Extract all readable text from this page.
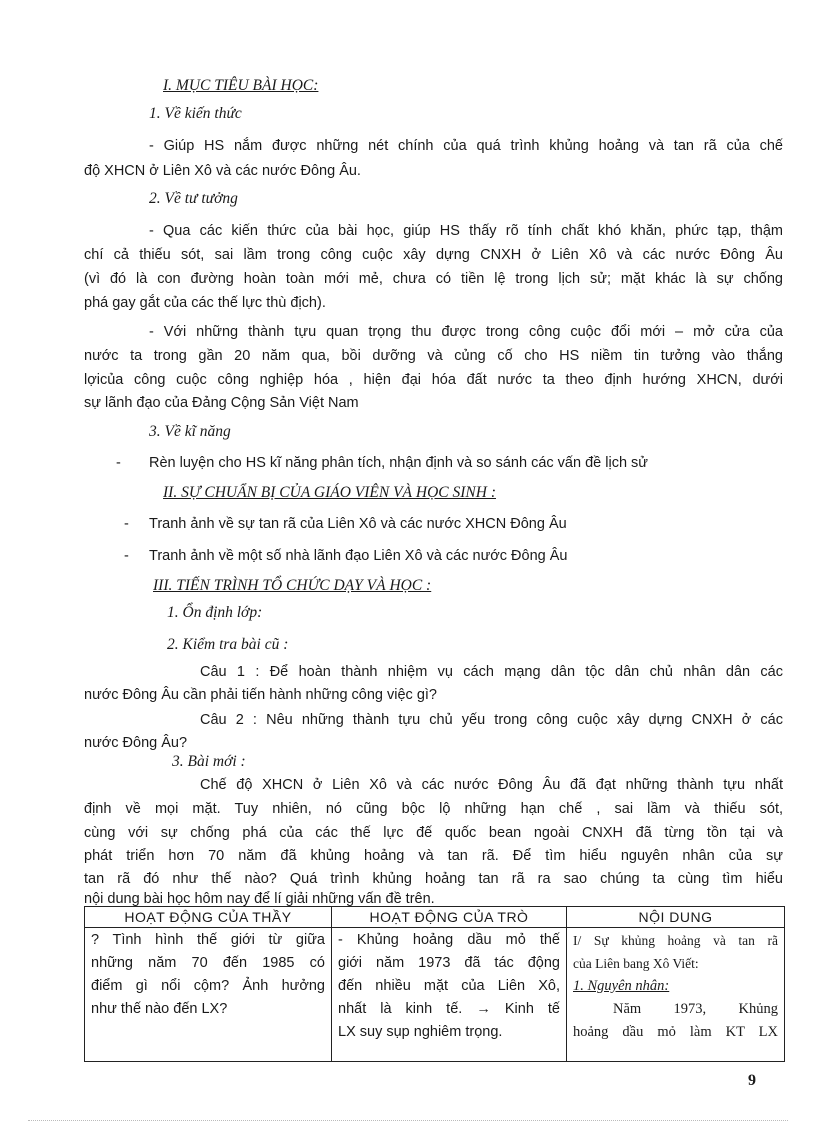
I. MỤC TIÊU BÀI HỌC:
1. Về kiến thức
- Giúp HS nắm được những nét chính của quá trình khủng hoảng và tan rã của chế
độ XHCN ở Liên Xô và các nước Đông Âu.
2. Về tư tưởng
- Qua các kiến thức của bài học, giúp HS thấy rõ tính chất khó khăn, phức tạp, thậm
chí cả thiếu sót, sai lầm trong công cuộc xây dựng CNXH ở Liên Xô và các nước Đông Âu
(vì đó là con đường hoàn toàn mới mẻ, chưa có tiền lệ trong lịch sử; mặt khác là sự chống
phá gay gắt của các thế lực thù địch).
- Với những thành tựu quan trọng thu được trong công cuộc đổi mới – mở cửa của
nước ta trong gần 20 năm qua, bồi dưỡng và củng cố cho HS niềm tin tưởng vào thắng
lợicủa công cuộc công nghiệp hóa , hiện đại hóa đất nước ta theo định hướng XHCN, dưới
sự lãnh đạo của Đảng Cộng Sản Việt Nam
3. Về kĩ năng
- Rèn luyện cho HS kĩ năng phân tích, nhận định và so sánh các vấn đề lịch sử
II. SỰ CHUẨN BỊ CỦA GIÁO VIÊN VÀ HỌC SINH :
- Tranh ảnh về sự tan rã của Liên Xô và các nước XHCN Đông Âu
- Tranh ảnh về một số nhà lãnh đạo Liên Xô và các nước Đông Âu
III. TIẾN TRÌNH TỔ CHỨC DẠY VÀ HỌC :
1. Ổn định lớp:
2. Kiểm tra bài cũ :
Câu 1 : Để hoàn thành nhiệm vụ cách mạng dân tộc dân chủ nhân dân các
nước Đông Âu cần phải tiến hành những công việc gì?
Câu 2 : Nêu những thành tựu chủ yếu trong công cuộc xây dựng CNXH ở các
nước Đông Âu?
3. Bài mới :
Chế độ XHCN ở Liên Xô và các nước Đông Âu đã đạt những thành tựu nhất
định về mọi mặt. Tuy nhiên, nó cũng bộc lộ những hạn chế , sai lầm và thiếu sót,
cùng với sự chống phá của các thế lực đế quốc bean ngoài CNXH đã từng tồn tại và
phát triển hơn 70 năm đã khủng hoảng và tan rã. Để tìm hiểu nguyên nhân của sự
tan rã đó như thế nào? Quá trình khủng hoảng tan rã ra sao chúng ta cùng tìm hiểu
nội dung bài học hôm nay để lí giải những vấn đề trên.
HOẠT ĐỘNG CỦA THẦY	HOẠT ĐỘNG CỦA TRÒ	NỘI DUNG

? Tình hình thế giới từ giữa
những năm 70 đến 1985 có
điểm gì nổi cộm? Ảnh hưởng
như thế nào đến LX?	- Khủng hoảng dầu mỏ thế
giới năm 1973 đã tác động
đến nhiều mặt của Liên Xô,
nhất là kinh tế. → Kinh tế
LX suy sụp nghiêm trọng.	I/ Sự khủng hoảng và tan rã
của Liên bang Xô Viết:
1. Nguyên nhân:
Năm 1973, Khủng
hoảng dầu mỏ làm KT LX
9
